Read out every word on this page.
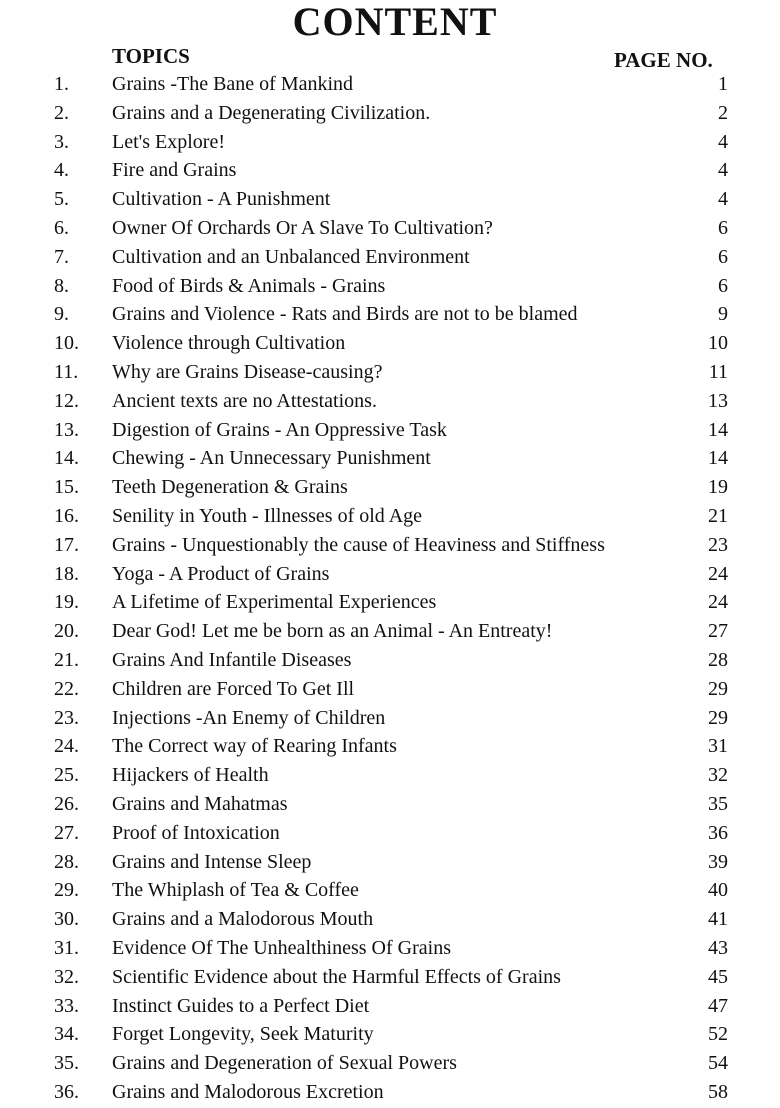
CONTENT
TOPICS	PAGE NO.
1.	Grains -The Bane of Mankind	1
2.	Grains and a Degenerating Civilization.	2
3.	Let's Explore!	4
4.	Fire and Grains	4
5.	Cultivation - A Punishment	4
6.	Owner Of Orchards Or A Slave To Cultivation?	6
7.	Cultivation and an Unbalanced Environment	6
8.	Food of Birds & Animals - Grains	6
9.	Grains and Violence - Rats and Birds are not to be blamed	9
10.	Violence through Cultivation	10
11.	Why are Grains Disease-causing?	11
12.	Ancient texts are no Attestations.	13
13.	Digestion of Grains - An Oppressive Task	14
14.	Chewing - An Unnecessary Punishment	14
15.	Teeth Degeneration & Grains	19
16.	Senility in Youth - Illnesses of old Age	21
17.	Grains - Unquestionably the cause of Heaviness and Stiffness	23
18.	Yoga - A Product of Grains	24
19.	A Lifetime of Experimental Experiences	24
20.	Dear God! Let me be born as an Animal - An Entreaty!	27
21.	Grains And Infantile Diseases	28
22.	Children are Forced To Get Ill	29
23.	Injections -An Enemy of Children	29
24.	The Correct way of Rearing Infants	31
25.	Hijackers of Health	32
26.	Grains and Mahatmas	35
27.	Proof of Intoxication	36
28.	Grains and Intense Sleep	39
29.	The Whiplash of Tea & Coffee	40
30.	Grains and a Malodorous Mouth	41
31.	Evidence Of The Unhealthiness Of Grains	43
32.	Scientific Evidence about the Harmful Effects of Grains	45
33.	Instinct Guides to a Perfect Diet	47
34.	Forget Longevity, Seek Maturity	52
35.	Grains and Degeneration of Sexual Powers	54
36.	Grains and Malodorous Excretion	58
